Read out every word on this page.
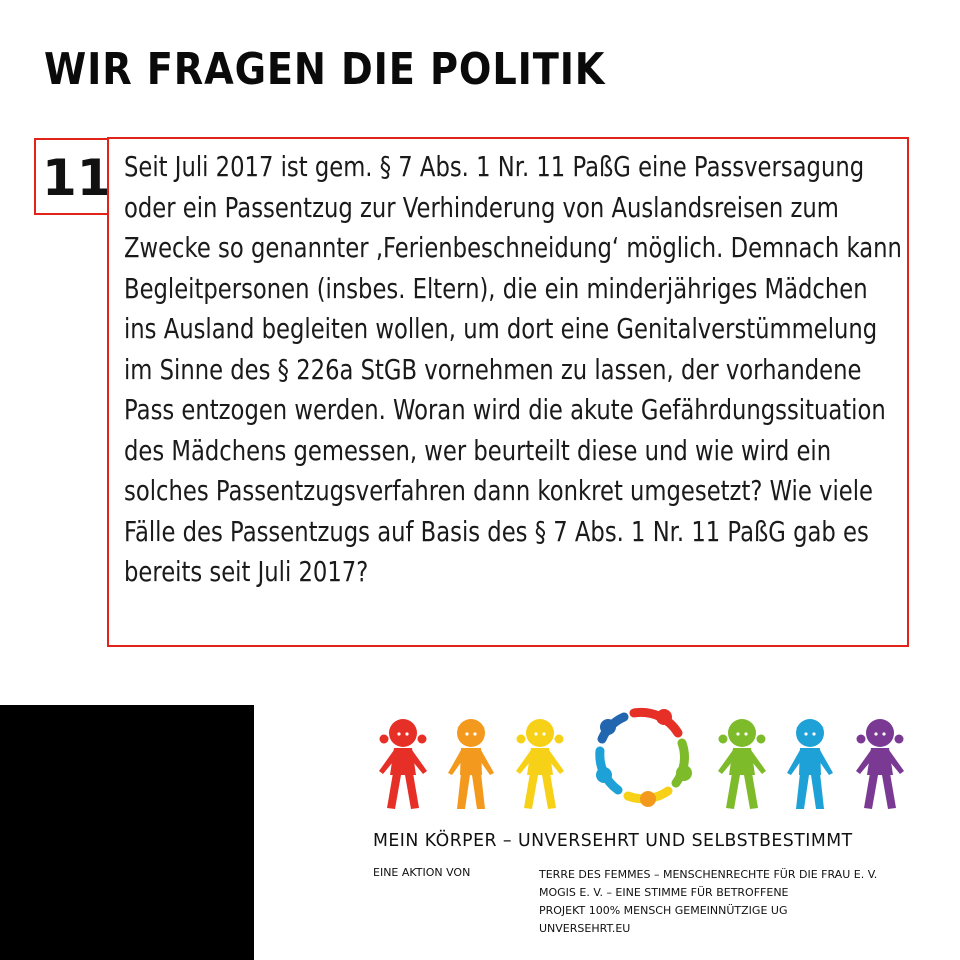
WIR FRAGEN DIE POLITIK
11 Seit Juli 2017 ist gem. § 7 Abs. 1 Nr. 11 PaßG eine Passversagung
oder ein Passentzug zur Verhinderung von Auslandsreisen zum
Zwecke so genannter ‚Ferienbeschneidung‘ möglich. Demnach kann
Begleitpersonen (insbes. Eltern), die ein minderjähriges Mädchen
ins Ausland begleiten wollen, um dort eine Genitalverstümmelung
im Sinne des § 226a StGB vornehmen zu lassen, der vorhandene
Pass entzogen werden. Woran wird die akute Gefährdungssituation
des Mädchens gemessen, wer beurteilt diese und wie wird ein
solches Passentzugsverfahren dann konkret umgesetzt? Wie viele
Fälle des Passentzugs auf Basis des § 7 Abs. 1 Nr. 11 PaßG gab es
bereits seit Juli 2017?

MEIN KÖRPER – UNVERSEHRT UND SELBSTBESTIMMT

EINE AKTION VON	TERRE DES FEMMES – MENSCHENRECHTE FÜR DIE FRAU E. V.
MOGIS E. V. – EINE STIMME FÜR BETROFFENE
PROJEKT 100% MENSCH GEMEINNÜTZIGE UG
UNVERSEHRT.EU
